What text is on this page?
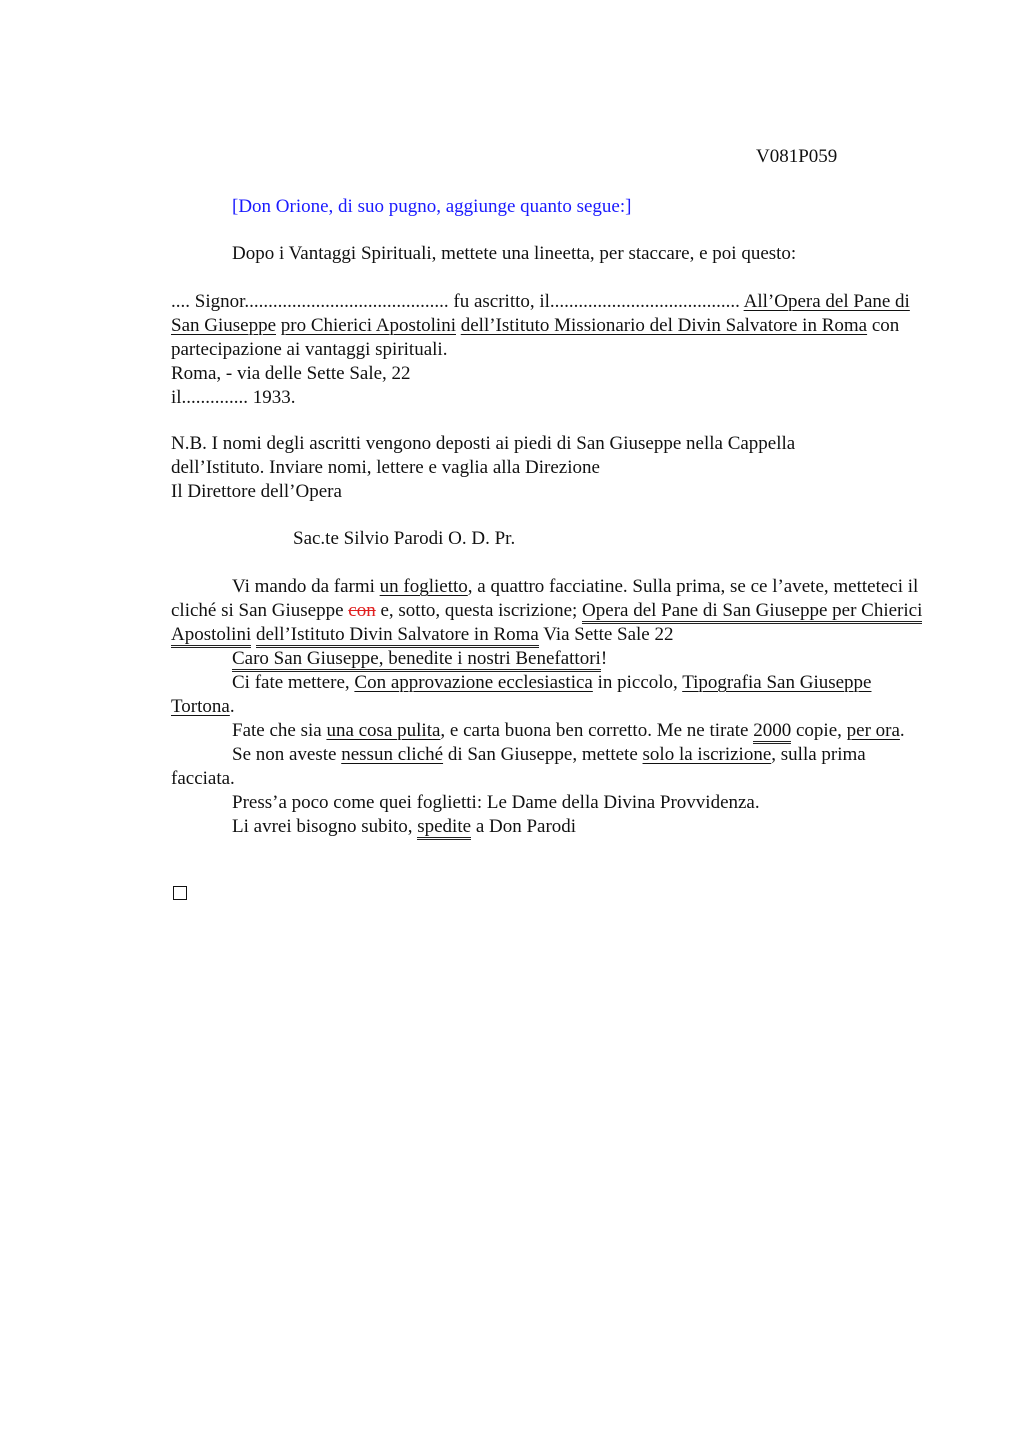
V081P059
[Don Orione, di suo pugno, aggiunge quanto segue:]
Dopo i Vantaggi Spirituali, mettete una lineetta, per staccare, e poi questo:
.... Signor........................................... fu ascritto, il........................................ All’Opera del Pane di San Giuseppe pro Chierici Apostolini dell’Istituto Missionario del Divin Salvatore in Roma con partecipazione ai vantaggi spirituali.
Roma, - via delle Sette Sale, 22
il.............. 1933.
N.B. I nomi degli ascritti vengono deposti ai piedi di San Giuseppe nella Cappella
dell’Istituto. Inviare nomi, lettere e vaglia alla Direzione
Il Direttore dell’Opera
Sac.te Silvio Parodi O. D. Pr.
Vi mando da farmi un foglietto, a quattro facciatine. Sulla prima, se ce l’avete, metteteci il cliché si San Giuseppe con e, sotto, questa iscrizione; Opera del Pane di San Giuseppe per Chierici Apostolini dell’Istituto Divin Salvatore in Roma Via Sette Sale 22
Caro San Giuseppe, benedite i nostri Benefattori!
Ci fate mettere, Con approvazione ecclesiastica in piccolo, Tipografia San Giuseppe Tortona.
Fate che sia una cosa pulita, e carta buona ben corretto. Me ne tirate 2000 copie, per ora.
Se non aveste nessun cliché di San Giuseppe, mettete solo la iscrizione, sulla prima facciata.
Press’a poco come quei foglietti: Le Dame della Divina Provvidenza.
Li avrei bisogno subito, spedite a Don Parodi
